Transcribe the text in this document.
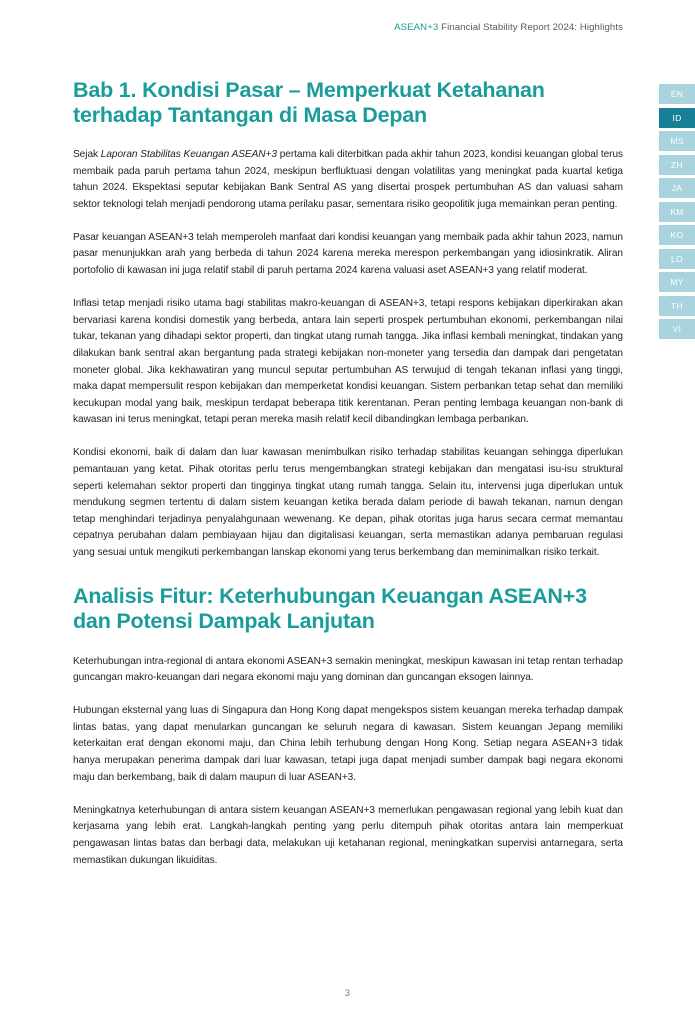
ASEAN+3 Financial Stability Report 2024: Highlights
EN
ID
MS
ZH
JA
KM
KO
LO
MY
TH
VI
Bab 1. Kondisi Pasar – Memperkuat Ketahanan terhadap Tantangan di Masa Depan

Sejak Laporan Stabilitas Keuangan ASEAN+3 pertama kali diterbitkan pada akhir tahun 2023, kondisi keuangan global terus membaik pada paruh pertama tahun 2024, meskipun berfluktuasi dengan volatilitas yang meningkat pada kuartal ketiga tahun 2024. Ekspektasi seputar kebijakan Bank Sentral AS yang disertai prospek pertumbuhan AS dan valuasi saham sektor teknologi telah menjadi pendorong utama perilaku pasar, sementara risiko geopolitik juga memainkan peran penting.

Pasar keuangan ASEAN+3 telah memperoleh manfaat dari kondisi keuangan yang membaik pada akhir tahun 2023, namun pasar menunjukkan arah yang berbeda di tahun 2024 karena mereka merespon perkembangan yang idiosinkratik. Aliran portofolio di kawasan ini juga relatif stabil di paruh pertama 2024 karena valuasi aset ASEAN+3 yang relatif moderat.

Inflasi tetap menjadi risiko utama bagi stabilitas makro-keuangan di ASEAN+3, tetapi respons kebijakan diperkirakan akan bervariasi karena kondisi domestik yang berbeda, antara lain seperti prospek pertumbuhan ekonomi, perkembangan nilai tukar, tekanan yang dihadapi sektor properti, dan tingkat utang rumah tangga. Jika inflasi kembali meningkat, tindakan yang dilakukan bank sentral akan bergantung pada strategi kebijakan non-moneter yang tersedia dan dampak dari pengetatan moneter global. Jika kekhawatiran yang muncul seputar pertumbuhan AS terwujud di tengah tekanan inflasi yang tinggi, maka dapat mempersulit respon kebijakan dan memperketat kondisi keuangan. Sistem perbankan tetap sehat dan memiliki kecukupan modal yang baik, meskipun terdapat beberapa titik kerentanan. Peran penting lembaga keuangan non-bank di kawasan ini terus meningkat, tetapi peran mereka masih relatif kecil dibandingkan lembaga perbankan.

Kondisi ekonomi, baik di dalam dan luar kawasan menimbulkan risiko terhadap stabilitas keuangan sehingga diperlukan pemantauan yang ketat. Pihak otoritas perlu terus mengembangkan strategi kebijakan dan mengatasi isu-isu struktural seperti kelemahan sektor properti dan tingginya tingkat utang rumah tangga. Selain itu, intervensi juga diperlukan untuk mendukung segmen tertentu di dalam sistem keuangan ketika berada dalam periode di bawah tekanan, namun dengan tetap menghindari terjadinya penyalahgunaan wewenang. Ke depan, pihak otoritas juga harus secara cermat memantau cepatnya perubahan dalam pembiayaan hijau dan digitalisasi keuangan, serta memastikan adanya pembaruan regulasi yang sesuai untuk mengikuti perkembangan lanskap ekonomi yang terus berkembang dan meminimalkan risiko terkait.

Analisis Fitur: Keterhubungan Keuangan ASEAN+3 dan Potensi Dampak Lanjutan

Keterhubungan intra-regional di antara ekonomi ASEAN+3 semakin meningkat, meskipun kawasan ini tetap rentan terhadap guncangan makro-keuangan dari negara ekonomi maju yang dominan dan guncangan eksogen lainnya.

Hubungan eksternal yang luas di Singapura dan Hong Kong dapat mengekspos sistem keuangan mereka terhadap dampak lintas batas, yang dapat menularkan guncangan ke seluruh negara di kawasan. Sistem keuangan Jepang memiliki keterkaitan erat dengan ekonomi maju, dan China lebih terhubung dengan Hong Kong. Setiap negara ASEAN+3 tidak hanya merupakan penerima dampak dari luar kawasan, tetapi juga dapat menjadi sumber dampak bagi negara ekonomi maju dan berkembang, baik di dalam maupun di luar ASEAN+3.

Meningkatnya keterhubungan di antara sistem keuangan ASEAN+3 memerlukan pengawasan regional yang lebih kuat dan kerjasama yang lebih erat. Langkah-langkah penting yang perlu ditempuh pihak otoritas antara lain memperkuat pengawasan lintas batas dan berbagi data, melakukan uji ketahanan regional, meningkatkan supervisi antarnegara, serta memastikan dukungan likuiditas.

3
